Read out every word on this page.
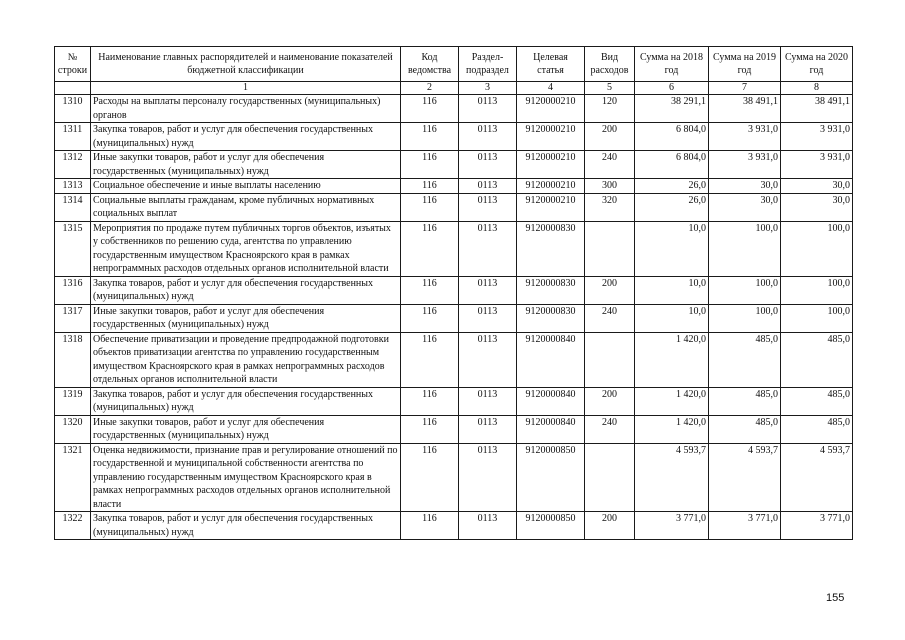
№ строки	Наименование главных распорядителей и наименование показателей бюджетной классификации	Код ведомства	Раздел-подраздел	Целевая статья	Вид расходов	Сумма на 2018 год	Сумма на 2019 год	Сумма на 2020 год
	1	2	3	4	5	6	7	8
1310	Расходы на выплаты персоналу государственных (муниципальных) органов	116	0113	9120000210	120	38 291,1	38 491,1	38 491,1
1311	Закупка товаров, работ и услуг для обеспечения государственных (муниципальных) нужд	116	0113	9120000210	200	6 804,0	3 931,0	3 931,0
1312	Иные закупки товаров, работ и услуг для обеспечения государственных (муниципальных) нужд	116	0113	9120000210	240	6 804,0	3 931,0	3 931,0
1313	Социальное обеспечение и иные выплаты населению	116	0113	9120000210	300	26,0	30,0	30,0
1314	Социальные выплаты гражданам, кроме публичных нормативных социальных выплат	116	0113	9120000210	320	26,0	30,0	30,0
1315	Мероприятия по продаже путем публичных торгов объектов, изъятых у собственников по решению суда, агентства по управлению государственным имуществом Красноярского края в рамках непрограммных расходов отдельных органов исполнительной власти	116	0113	9120000830		10,0	100,0	100,0
1316	Закупка товаров, работ и услуг для обеспечения государственных (муниципальных) нужд	116	0113	9120000830	200	10,0	100,0	100,0
1317	Иные закупки товаров, работ и услуг для обеспечения государственных (муниципальных) нужд	116	0113	9120000830	240	10,0	100,0	100,0
1318	Обеспечение приватизации и проведение предпродажной подготовки объектов приватизации агентства по управлению государственным имуществом Красноярского края в рамках непрограммных расходов отдельных органов исполнительной власти	116	0113	9120000840		1 420,0	485,0	485,0
1319	Закупка товаров, работ и услуг для обеспечения государственных (муниципальных) нужд	116	0113	9120000840	200	1 420,0	485,0	485,0
1320	Иные закупки товаров, работ и услуг для обеспечения государственных (муниципальных) нужд	116	0113	9120000840	240	1 420,0	485,0	485,0
1321	Оценка недвижимости, признание прав и регулирование отношений по государственной и муниципальной собственности агентства по управлению государственным имуществом Красноярского края в рамках непрограммных расходов отдельных органов исполнительной власти	116	0113	9120000850		4 593,7	4 593,7	4 593,7
1322	Закупка товаров, работ и услуг для обеспечения государственных (муниципальных) нужд	116	0113	9120000850	200	3 771,0	3 771,0	3 771,0
155
